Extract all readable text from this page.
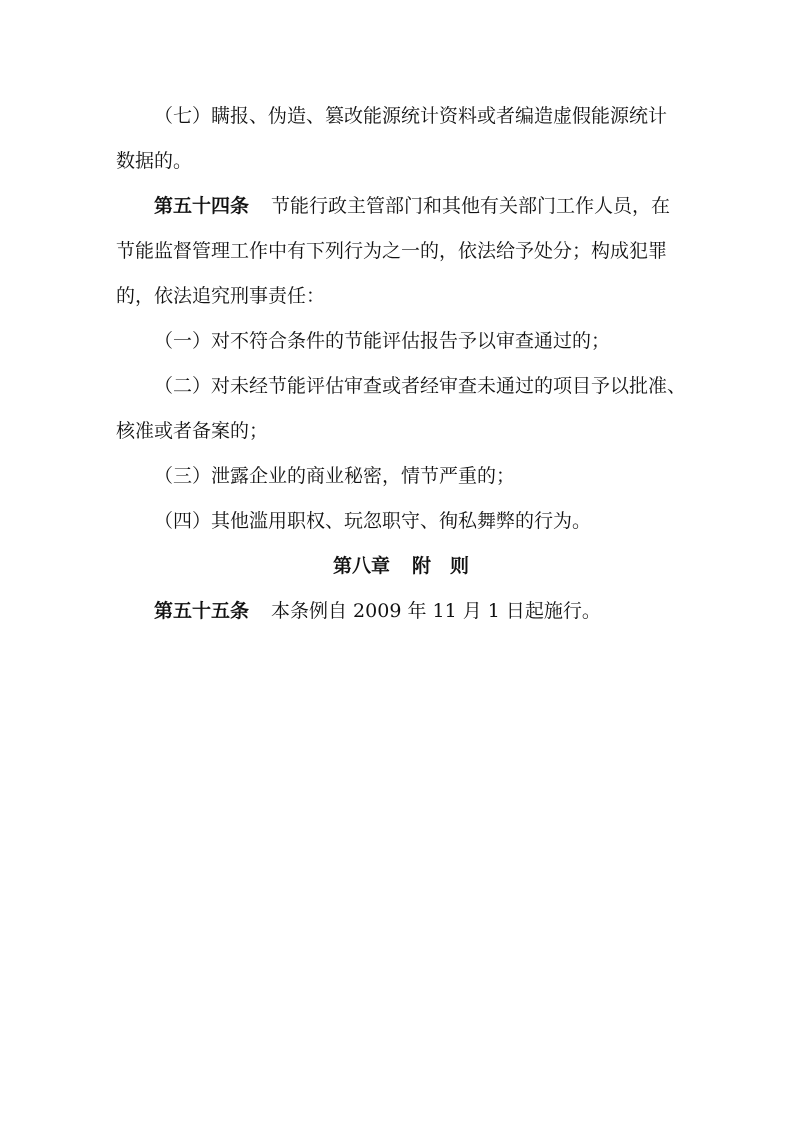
（七）瞒报、伪造、篡改能源统计资料或者编造虚假能源统计

数据的。

第五十四条 节能行政主管部门和其他有关部门工作人员，在

节能监督管理工作中有下列行为之一的，依法给予处分；构成犯罪

的，依法追究刑事责任：

（一）对不符合条件的节能评估报告予以审查通过的；

（二）对未经节能评估审查或者经审查未通过的项目予以批准、

核准或者备案的；

（三）泄露企业的商业秘密，情节严重的；

（四）其他滥用职权、玩忽职守、徇私舞弊的行为。

第八章 附　则

第五十五条 本条例自 2009 年 11 月 1 日起施行。
